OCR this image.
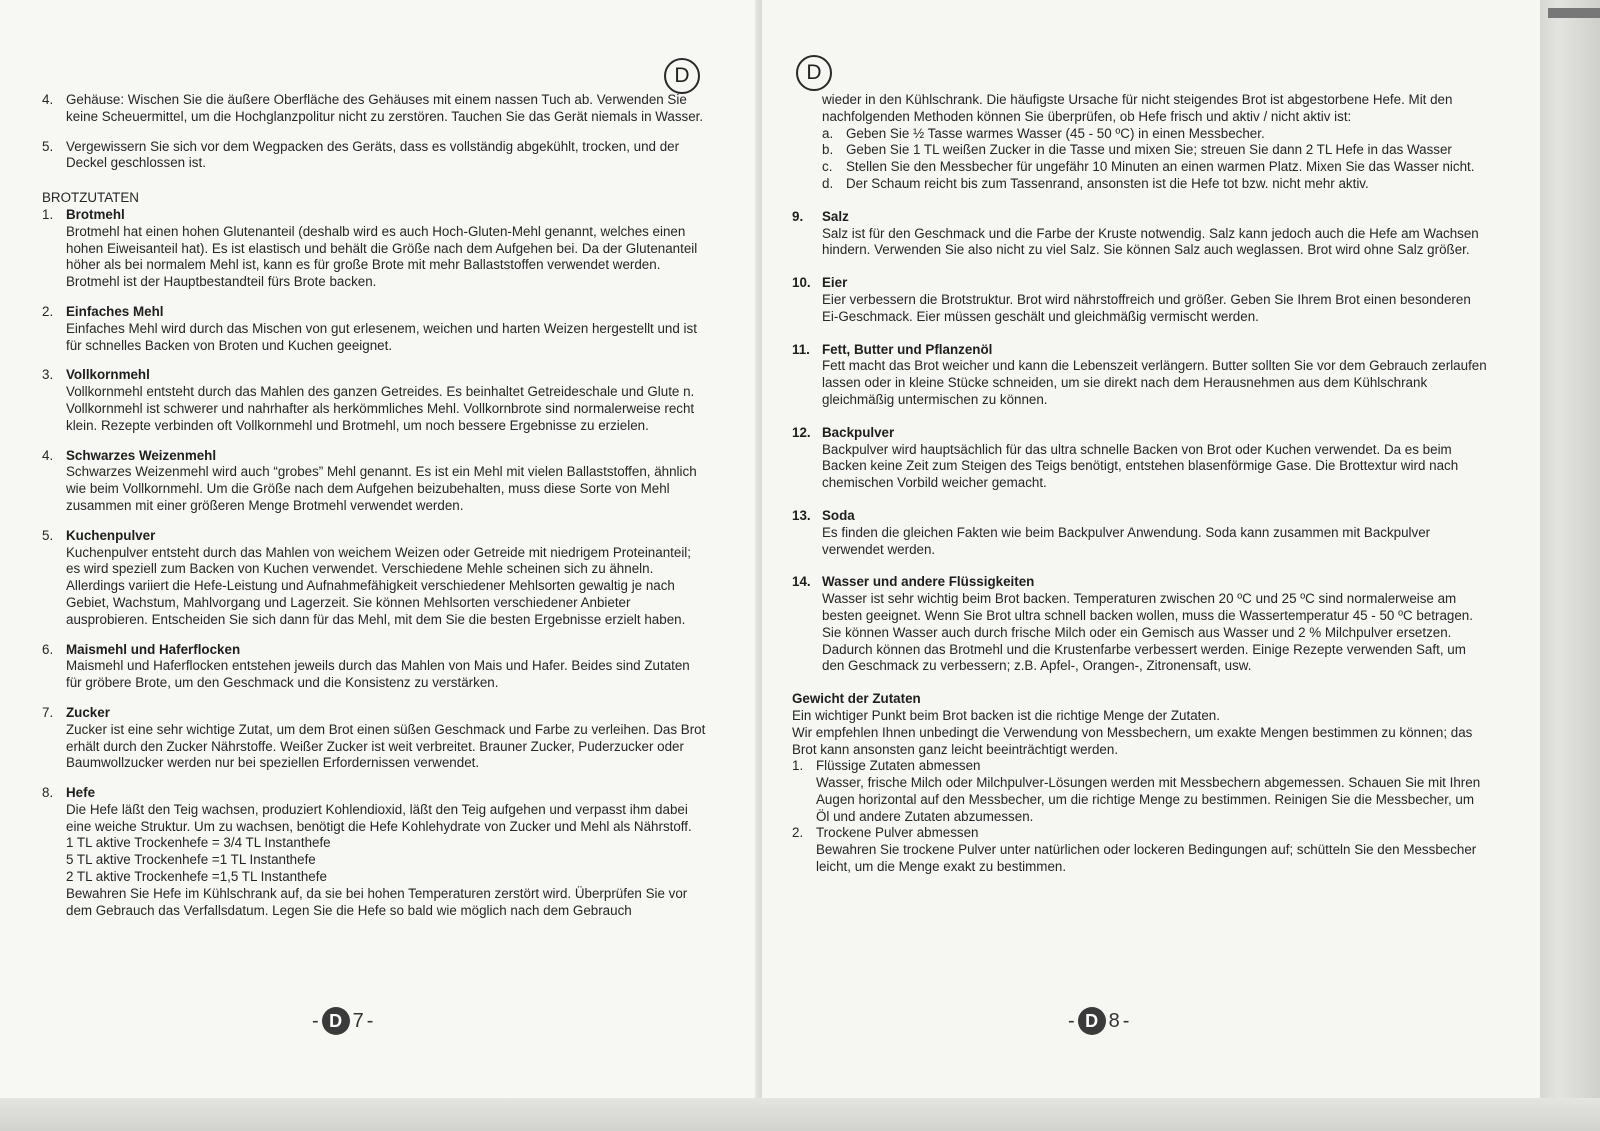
D
4. Gehäuse: Wischen Sie die äußere Oberfläche des Gehäuses mit einem nassen Tuch ab. Verwenden Sie keine Scheuermittel, um die Hochglanzpolitur nicht zu zerstören. Tauchen Sie das Gerät niemals in Wasser.

5. Vergewissern Sie sich vor dem Wegpacken des Geräts, dass es vollständig abgekühlt, trocken, und der Deckel geschlossen ist.

BROTZUTATEN
1. Brotmehl

Brotmehl hat einen hohen Glutenanteil (deshalb wird es auch Hoch-Gluten-Mehl genannt, welches einen hohen Eiweisanteil hat). Es ist elastisch und behält die Größe nach dem Aufgehen bei. Da der Glutenanteil höher als bei normalem Mehl ist, kann es für große Brote mit mehr Ballaststoffen verwendet werden. Brotmehl ist der Hauptbestandteil fürs Brote backen.

2. Einfaches Mehl

Einfaches Mehl wird durch das Mischen von gut erlesenem, weichen und harten Weizen hergestellt und ist für schnelles Backen von Broten und Kuchen geeignet.

3. Vollkornmehl

Vollkornmehl entsteht durch das Mahlen des ganzen Getreides. Es beinhaltet Getreideschale und Glute n. Vollkornmehl ist schwerer und nahrhafter als herkömmliches Mehl. Vollkornbrote sind normalerweise recht klein. Rezepte verbinden oft Vollkornmehl und Brotmehl, um noch bessere Ergebnisse zu erzielen.

4. Schwarzes Weizenmehl

Schwarzes Weizenmehl wird auch “grobes” Mehl genannt. Es ist ein Mehl mit vielen Ballaststoffen, ähnlich wie beim Vollkornmehl. Um die Größe nach dem Aufgehen beizubehalten, muss diese Sorte von Mehl zusammen mit einer größeren Menge Brotmehl verwendet werden.

5. Kuchenpulver

Kuchenpulver entsteht durch das Mahlen von weichem Weizen oder Getreide mit niedrigem Proteinanteil; es wird speziell zum Backen von Kuchen verwendet. Verschiedene Mehle scheinen sich zu ähneln. Allerdings variiert die Hefe-Leistung und Aufnahmefähigkeit verschiedener Mehlsorten gewaltig je nach Gebiet, Wachstum, Mahlvorgang und Lagerzeit. Sie können Mehlsorten verschiedener Anbieter ausprobieren. Entscheiden Sie sich dann für das Mehl, mit dem Sie die besten Ergebnisse erzielt haben.

6. Maismehl und Haferflocken

Maismehl und Haferflocken entstehen jeweils durch das Mahlen von Mais und Hafer. Beides sind Zutaten für gröbere Brote, um den Geschmack und die Konsistenz zu verstärken.

7. Zucker

Zucker ist eine sehr wichtige Zutat, um dem Brot einen süßen Geschmack und Farbe zu verleihen. Das Brot erhält durch den Zucker Nährstoffe. Weißer Zucker ist weit verbreitet. Brauner Zucker, Puderzucker oder Baumwollzucker werden nur bei speziellen Erfordernissen verwendet.

8. Hefe

Die Hefe läßt den Teig wachsen, produziert Kohlendioxid, läßt den Teig aufgehen und verpasst ihm dabei eine weiche Struktur. Um zu wachsen, benötigt die Hefe Kohlehydrate von Zucker und Mehl als Nährstoff.

1 TL aktive Trockenhefe = 3/4 TL Instanthefe

5 TL aktive Trockenhefe =1 TL Instanthefe

2 TL aktive Trockenhefe =1,5 TL Instanthefe

Bewahren Sie Hefe im Kühlschrank auf, da sie bei hohen Temperaturen zerstört wird. Überprüfen Sie vor dem Gebrauch das Verfallsdatum. Legen Sie die Hefe so bald wie möglich nach dem Gebrauch

- D 7 -
D

wieder in den Kühlschrank. Die häufigste Ursache für nicht steigendes Brot ist abgestorbene Hefe. Mit den nachfolgenden Methoden können Sie überprüfen, ob Hefe frisch und aktiv / nicht aktiv ist:

a. Geben Sie ½ Tasse warmes Wasser (45 - 50 ºC) in einen Messbecher.
b. Geben Sie 1 TL weißen Zucker in die Tasse und mixen Sie; streuen Sie dann 2 TL Hefe in das Wasser
c.	Stellen Sie den Messbecher für ungefähr 10 Minuten an einen warmen Platz. Mixen Sie das Wasser nicht.
d. Der Schaum reicht bis zum Tassenrand, ansonsten ist die Hefe tot bzw. nicht mehr aktiv.
9. Salz

Salz ist für den Geschmack und die Farbe der Kruste notwendig. Salz kann jedoch auch die Hefe am Wachsen hindern. Verwenden Sie also nicht zu viel Salz. Sie können Salz auch weglassen. Brot wird ohne Salz größer.

10. Eier

Eier verbessern die Brotstruktur. Brot wird nährstoffreich und größer. Geben Sie Ihrem Brot einen besonderen Ei-Geschmack. Eier müssen geschält und gleichmäßig vermischt werden.

11. Fett, Butter und Pflanzenöl

Fett macht das Brot weicher und kann die Lebenszeit verlängern. Butter sollten Sie vor dem Gebrauch zerlaufen lassen oder in kleine Stücke schneiden, um sie direkt nach dem Herausnehmen aus dem Kühlschrank gleichmäßig untermischen zu können.

12. Backpulver

Backpulver wird hauptsächlich für das ultra schnelle Backen von Brot oder Kuchen verwendet. Da es beim Backen keine Zeit zum Steigen des Teigs benötigt, entstehen blasenförmige Gase. Die Brottextur wird nach chemischen Vorbild weicher gemacht.

13. Soda

Es finden die gleichen Fakten wie beim Backpulver Anwendung. Soda kann zusammen mit Backpulver verwendet werden.

14. Wasser und andere Flüssigkeiten

Wasser ist sehr wichtig beim Brot backen. Temperaturen zwischen 20 ºC und 25 ºC sind normalerweise am besten geeignet. Wenn Sie Brot ultra schnell backen wollen, muss die Wassertemperatur 45 - 50 ºC betragen. Sie können Wasser auch durch frische Milch oder ein Gemisch aus Wasser und 2 % Milchpulver ersetzen. Dadurch können das Brotmehl und die Krustenfarbe verbessert werden. Einige Rezepte verwenden Saft, um den Geschmack zu verbessern; z.B. Apfel-, Orangen-, Zitronensaft, usw.

Gewicht der Zutaten

Ein wichtiger Punkt beim Brot backen ist die richtige Menge der Zutaten.

Wir empfehlen Ihnen unbedingt die Verwendung von Messbechern, um exakte Mengen bestimmen zu können; das Brot kann ansonsten ganz leicht beeinträchtigt werden.

1. Flüssige Zutaten abmessen

Wasser, frische Milch oder Milchpulver-Lösungen werden mit Messbechern abgemessen. Schauen Sie mit Ihren Augen horizontal auf den Messbecher, um die richtige Menge zu bestimmen. Reinigen Sie die Messbecher, um Öl und andere Zutaten abzumessen.

2. Trockene Pulver abmessen

Bewahren Sie trockene Pulver unter natürlichen oder lockeren Bedingungen auf; schütteln Sie den Messbecher leicht, um die Menge exakt zu bestimmen.

- D 8 -
